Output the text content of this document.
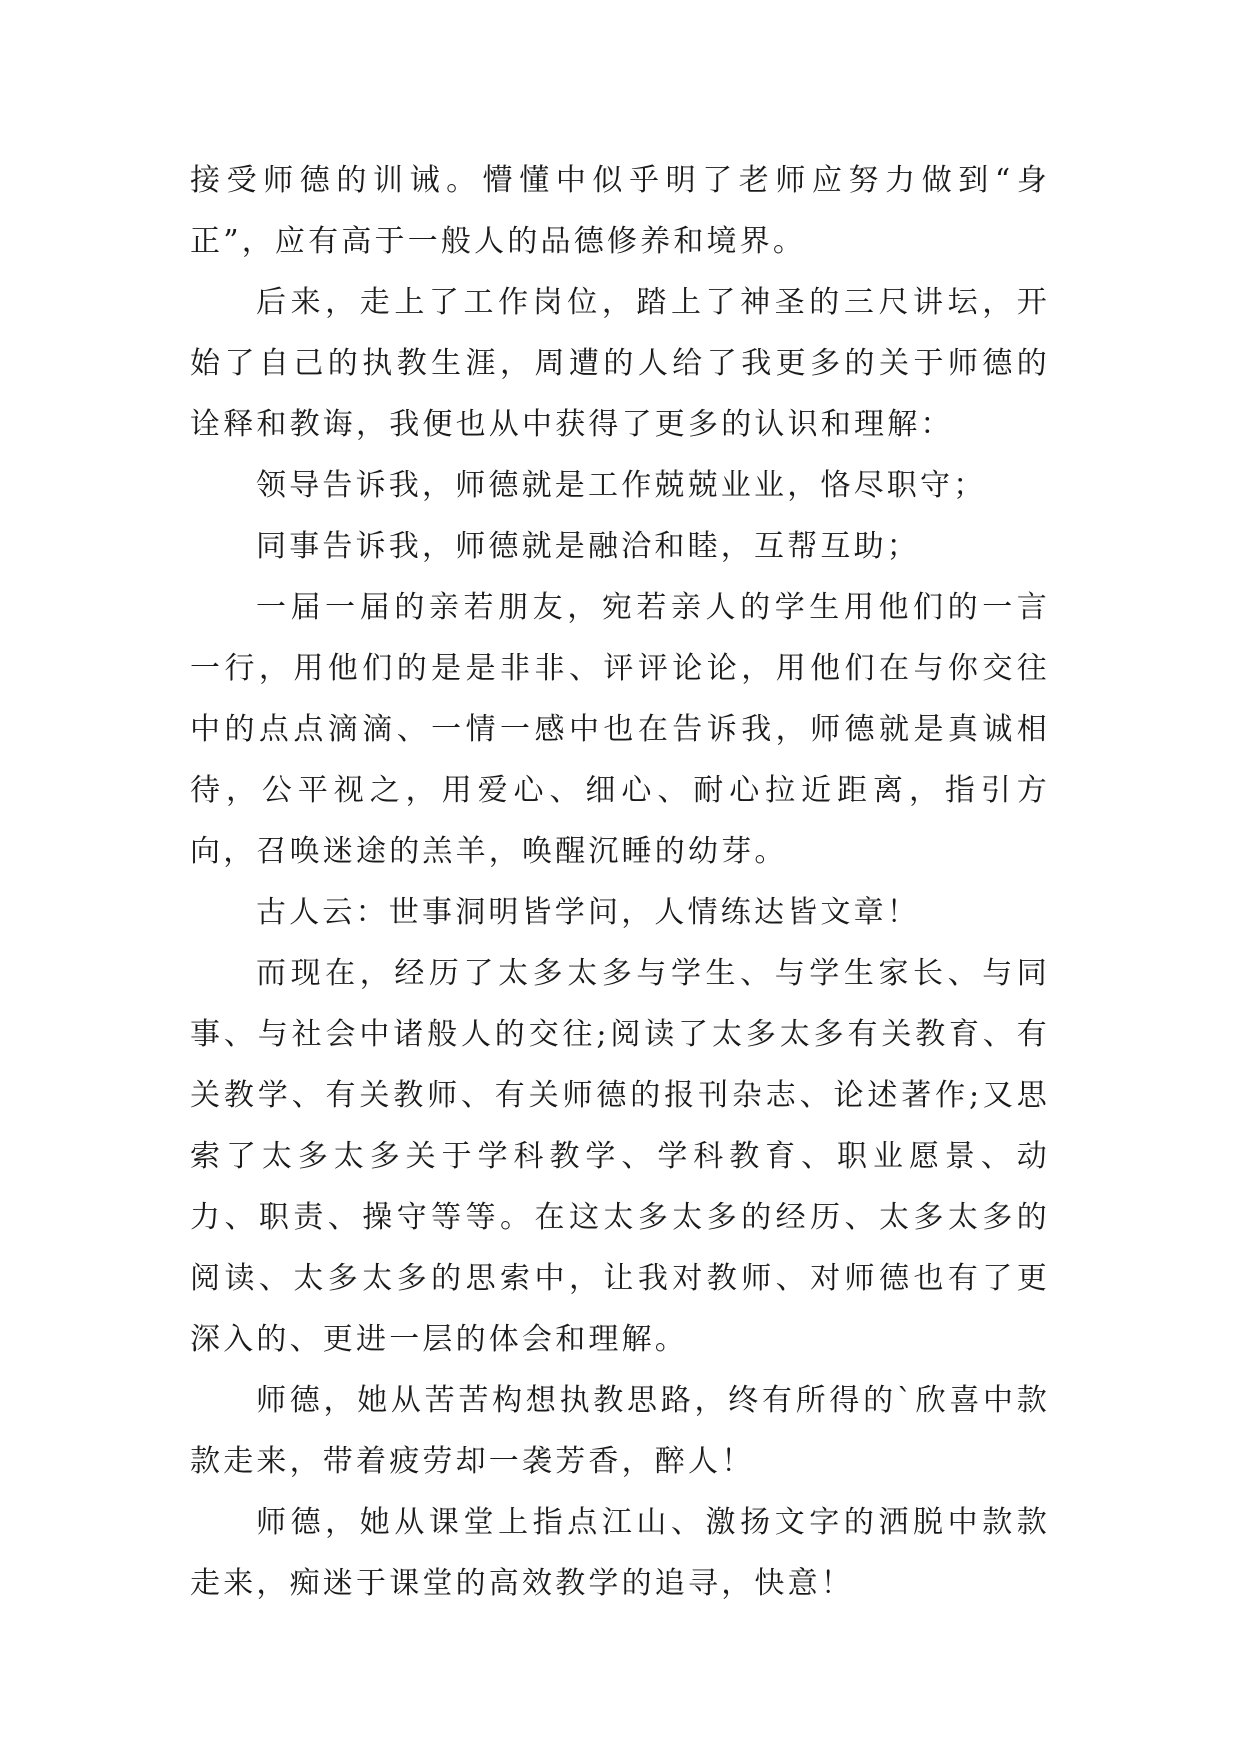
接受师德的训诫。懵懂中似乎明了老师应努力做到“身正”，应有高于一般人的品德修养和境界。

后来，走上了工作岗位，踏上了神圣的三尺讲坛，开始了自己的执教生涯，周遭的人给了我更多的关于师德的诠释和教诲，我便也从中获得了更多的认识和理解：

领导告诉我，师德就是工作兢兢业业，恪尽职守；

同事告诉我，师德就是融洽和睦，互帮互助；

一届一届的亲若朋友，宛若亲人的学生用他们的一言一行，用他们的是是非非、评评论论，用他们在与你交往中的点点滴滴、一情一感中也在告诉我，师德就是真诚相待，公平视之，用爱心、细心、耐心拉近距离，指引方向，召唤迷途的羔羊，唤醒沉睡的幼芽。

古人云：世事洞明皆学问，人情练达皆文章！

而现在，经历了太多太多与学生、与学生家长、与同事、与社会中诸般人的交往;阅读了太多太多有关教育、有关教学、有关教师、有关师德的报刊杂志、论述著作;又思索了太多太多关于学科教学、学科教育、职业愿景、动力、职责、操守等等。在这太多太多的经历、太多太多的阅读、太多太多的思索中，让我对教师、对师德也有了更深入的、更进一层的体会和理解。

师德，她从苦苦构想执教思路，终有所得的`欣喜中款款走来，带着疲劳却一袭芳香，醉人！

师德，她从课堂上指点江山、激扬文字的洒脱中款款走来，痴迷于课堂的高效教学的追寻，快意！
